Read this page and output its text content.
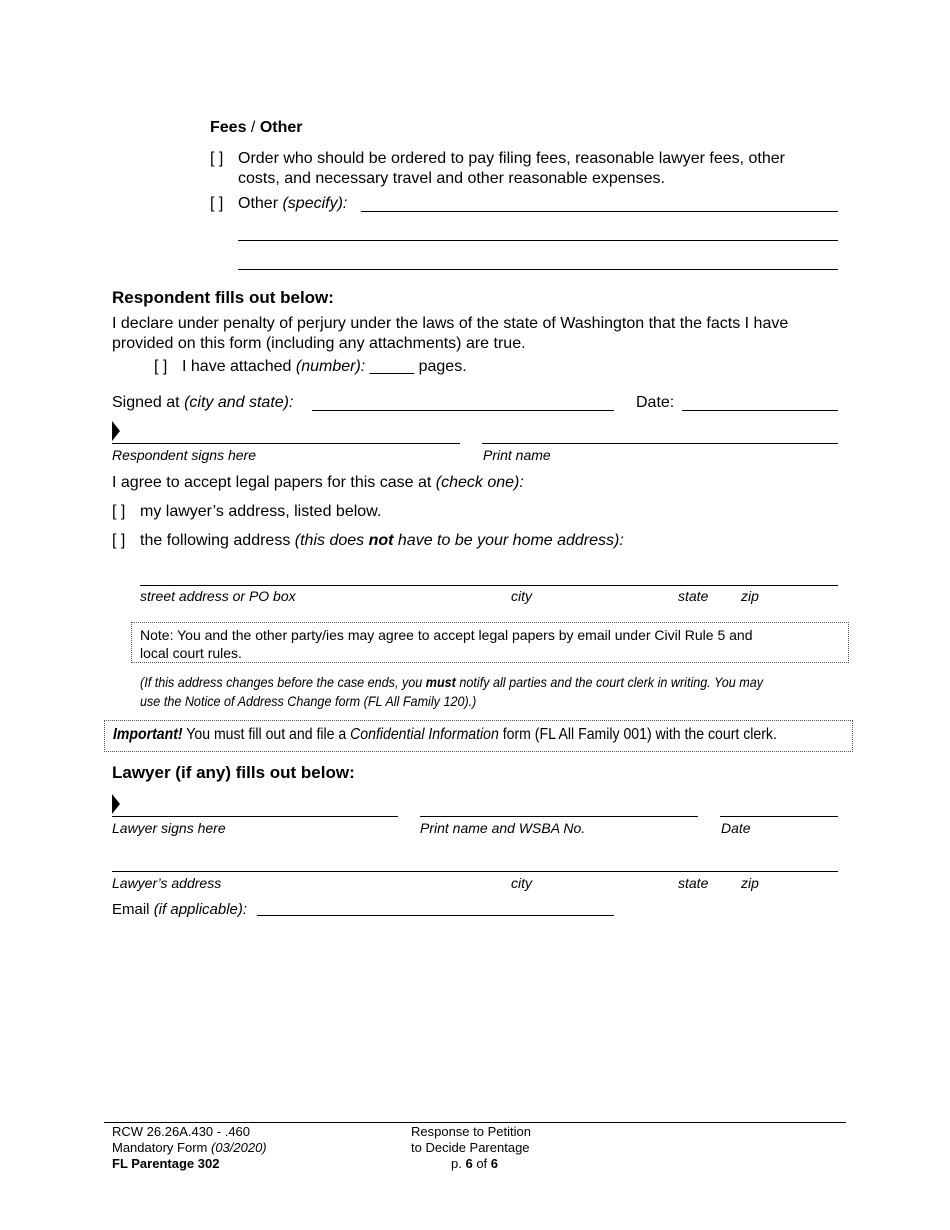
Fees / Other
[ ] Order who should be ordered to pay filing fees, reasonable lawyer fees, other
costs, and necessary travel and other reasonable expenses.
[ ] Other (specify):
Respondent fills out below:
I declare under penalty of perjury under the laws of the state of Washington that the facts I have
provided on this form (including any attachments) are true.
[ ] I have attached (number): _____ pages.
Signed at (city and state):	Date:
Respondent signs here	Print name
I agree to accept legal papers for this case at (check one):
[ ] my lawyer’s address, listed below.
[ ] the following address (this does not have to be your home address):
street address or PO box	city	state zip
Note: You and the other party/ies may agree to accept legal papers by email under Civil Rule 5 and
local court rules.
(If this address changes before the case ends, you must notify all parties and the court clerk in writing. You may
use the Notice of Address Change form (FL All Family 120).)
Important! You must fill out and file a Confidential Information form (FL All Family 001) with the court clerk.
Lawyer (if any) fills out below:
Lawyer signs here	Print name and WSBA No.	Date
Lawyer’s address	city	state zip
Email (if applicable):
RCW 26.26A.430 - .460
Mandatory Form (03/2020)
FL Parentage 302
Response to Petition
to Decide Parentage
p. 6 of 6
